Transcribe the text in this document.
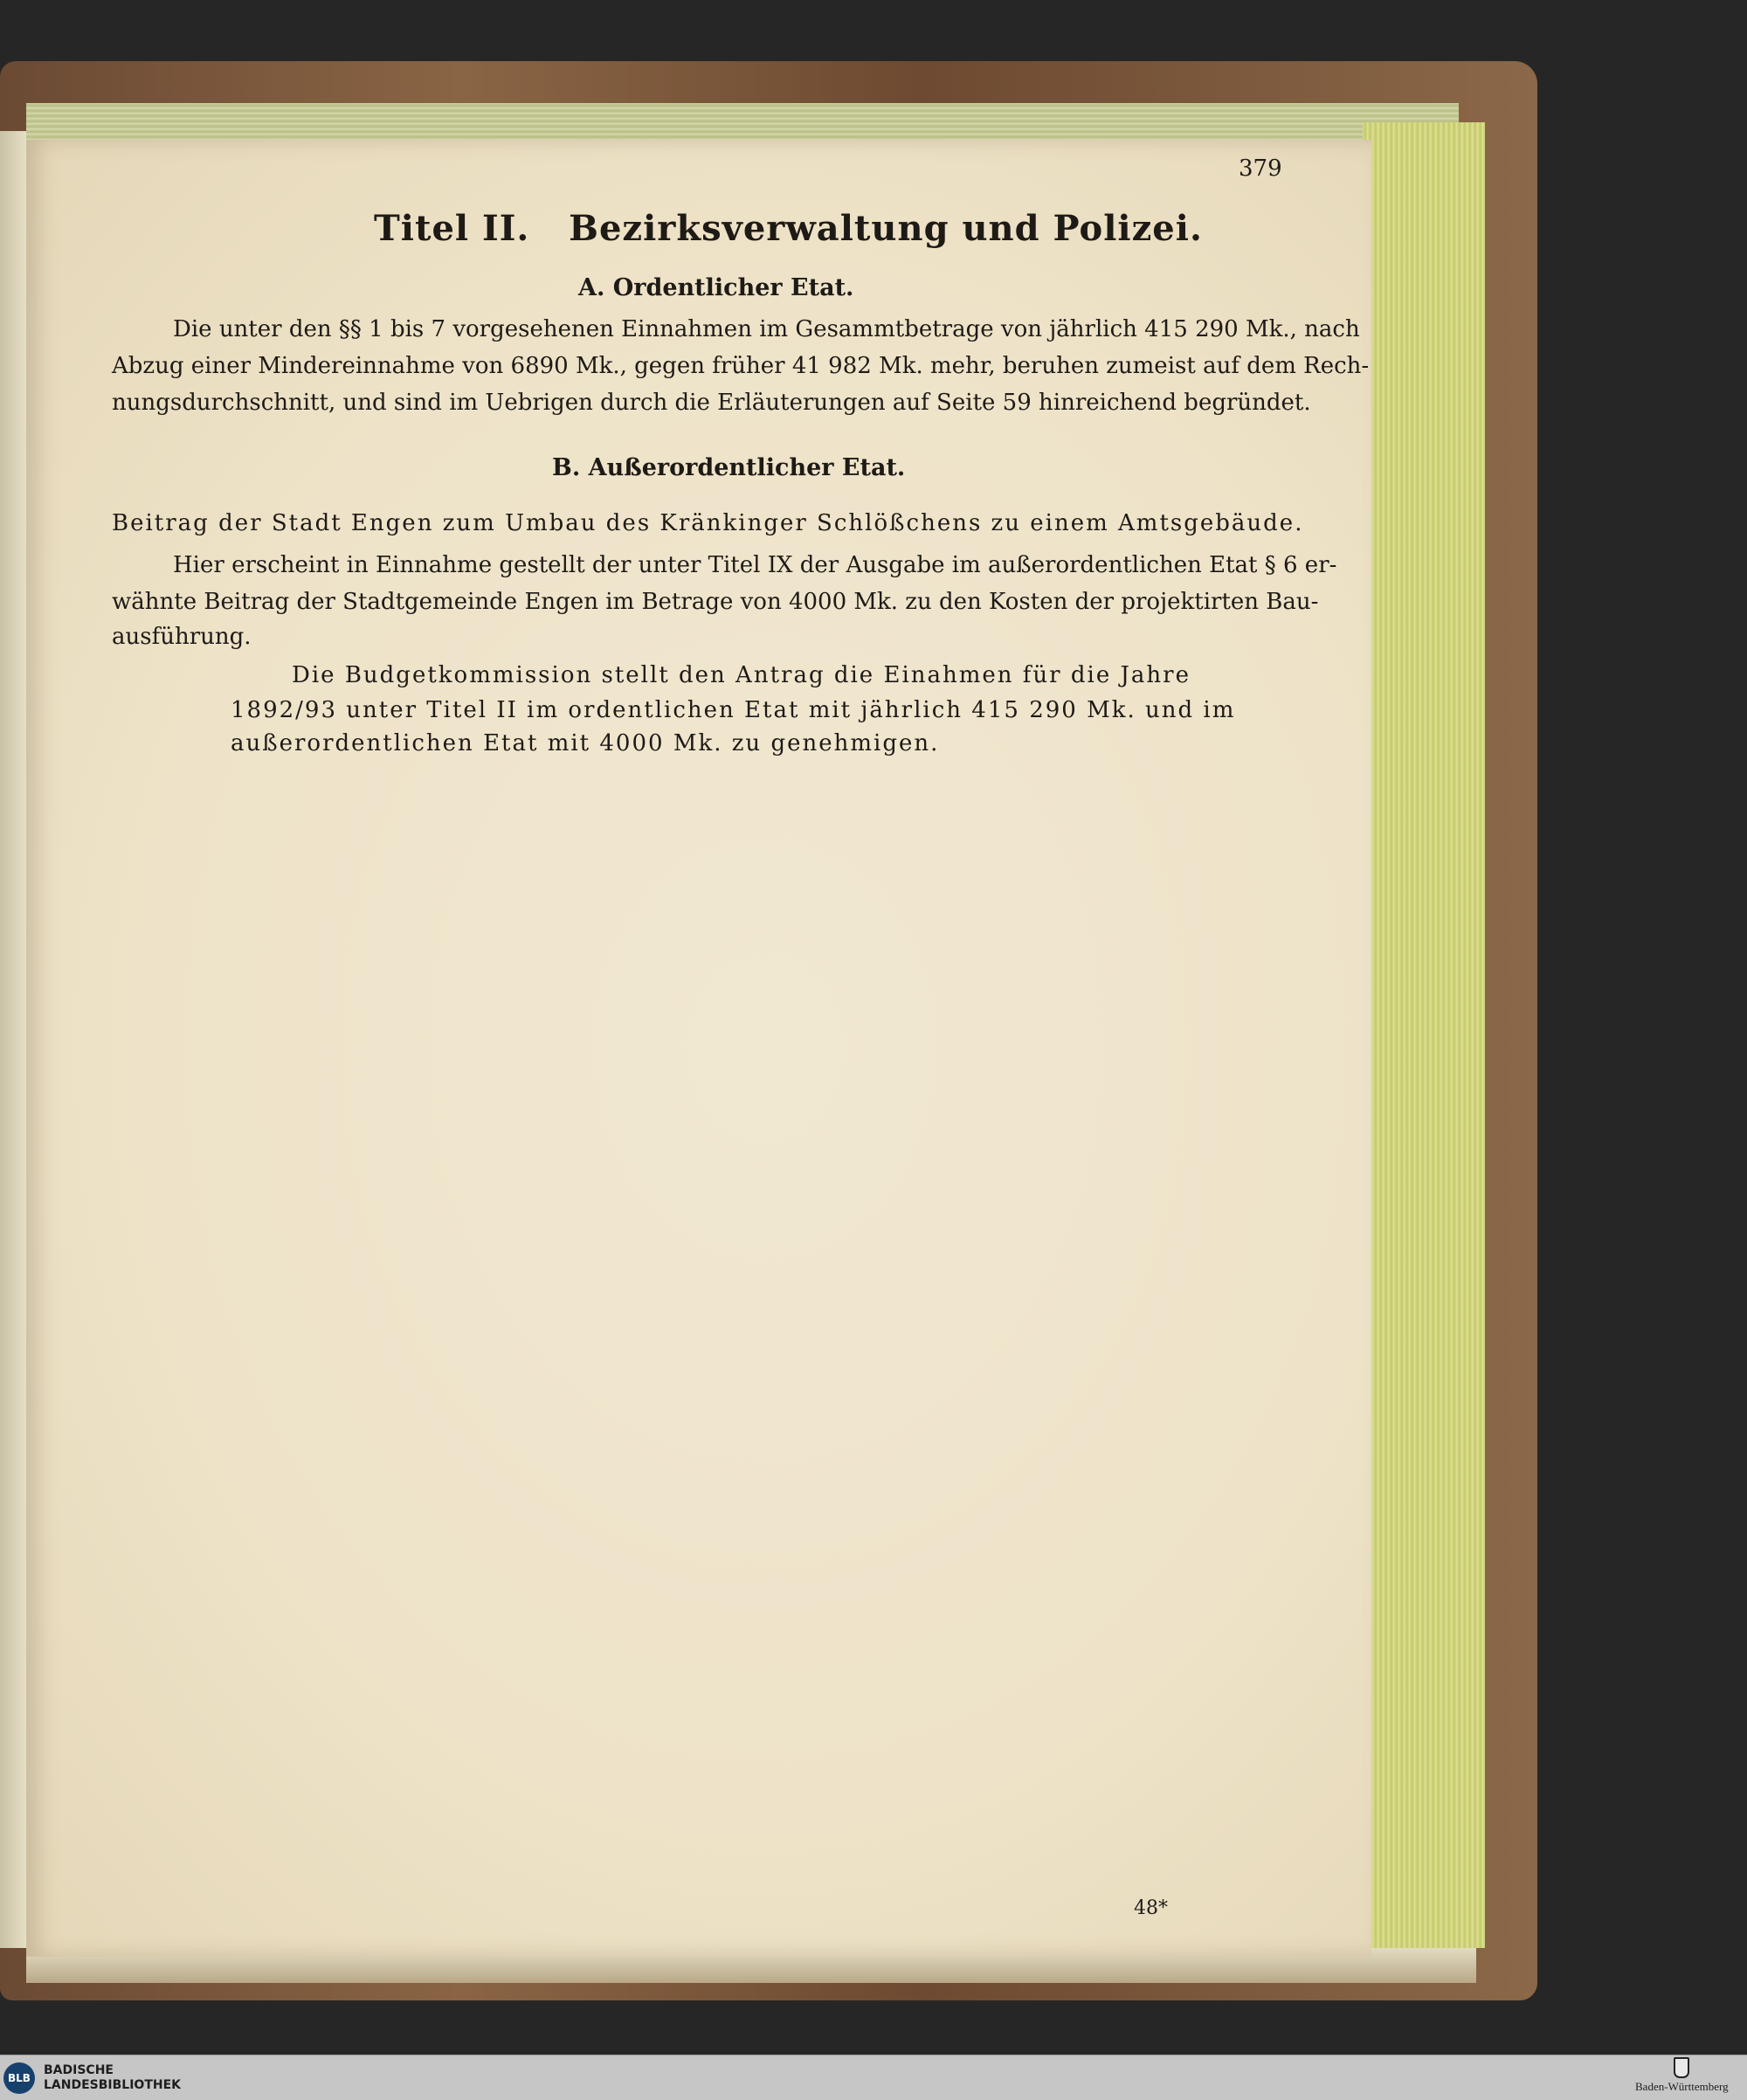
379
Titel II.   Bezirksverwaltung und Polizei.
A. Ordentlicher Etat.
Die unter den §§ 1 bis 7 vorgesehenen Einnahmen im Gesammtbetrage von jährlich 415 290 Mk., nach
Abzug einer Mindereinnahme von 6890 Mk., gegen früher 41 982 Mk. mehr, beruhen zumeist auf dem Rech-
nungsdurchschnitt, und sind im Uebrigen durch die Erläuterungen auf Seite 59 hinreichend begründet.
B. Außerordentlicher Etat.
Beitrag der Stadt Engen zum Umbau des Kränkinger Schlößchens zu einem Amtsgebäude.
Hier erscheint in Einnahme gestellt der unter Titel IX der Ausgabe im außerordentlichen Etat § 6 er-
wähnte Beitrag der Stadtgemeinde Engen im Betrage von 4000 Mk. zu den Kosten der projektirten Bau-
ausführung.
Die Budgetkommission stellt den Antrag die Einahmen für die Jahre
1892/93 unter Titel II im ordentlichen Etat mit jährlich 415 290 Mk. und im
außerordentlichen Etat mit 4000 Mk. zu genehmigen.
48*
BLB
BADISCHE
LANDESBIBLIOTHEK	Baden-Württemberg
